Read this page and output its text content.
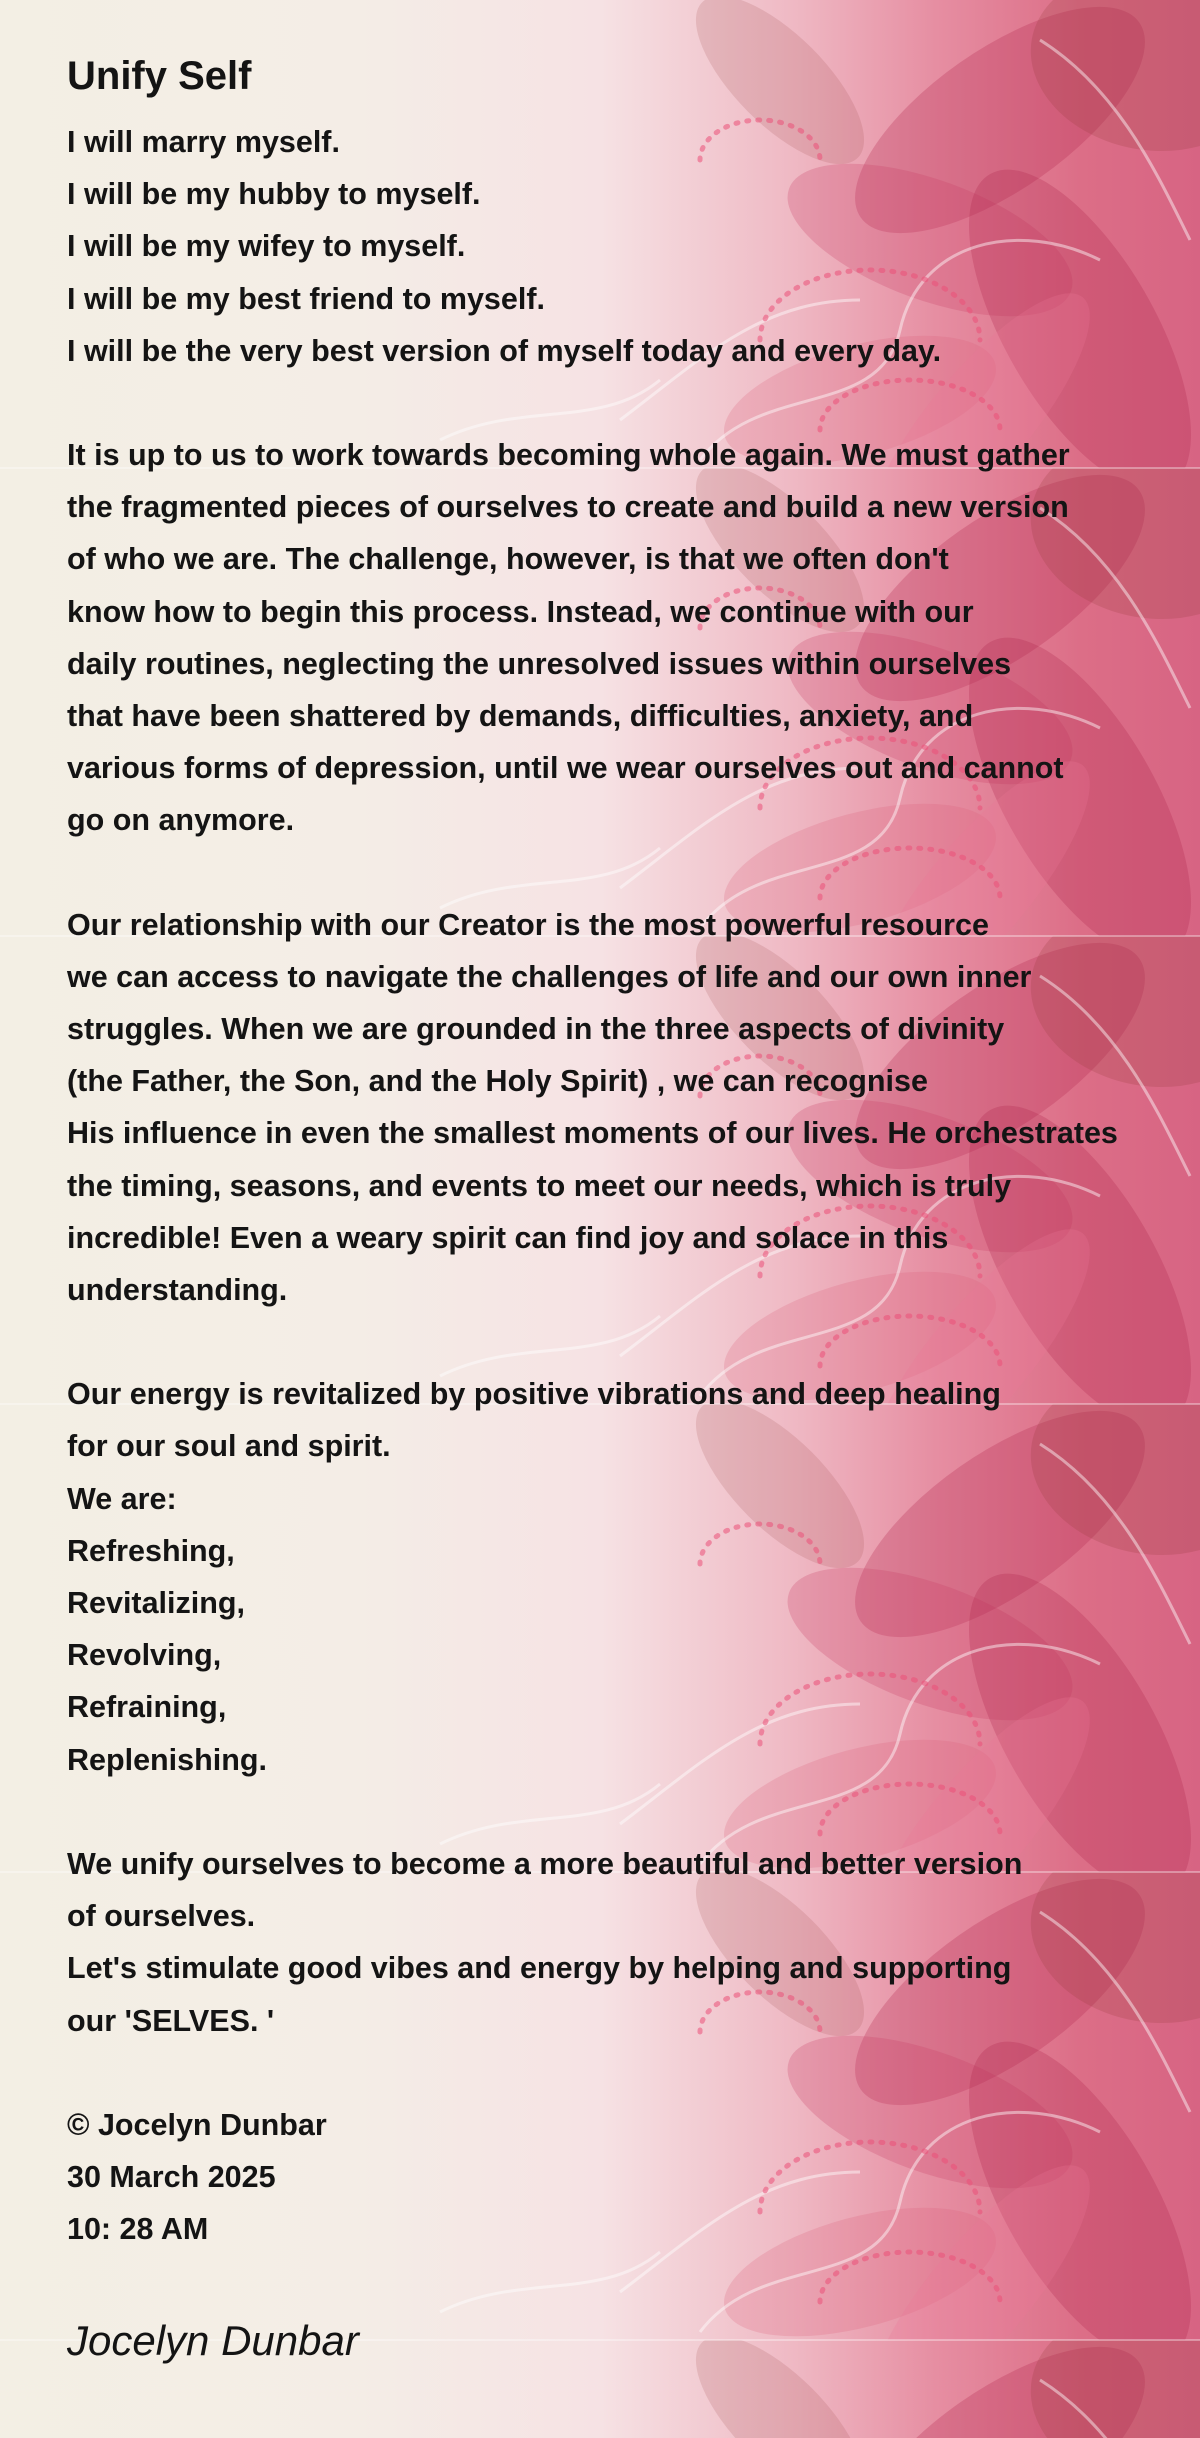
Unify Self
I will marry myself.
I will be my hubby to myself.
I will be my wifey to myself.
I will be my best friend to myself.
I will be the very best version of myself today and every day.
It is up to us to work towards becoming whole again. We must gather
the fragmented pieces of ourselves to create and build a new version
of who we are. The challenge, however, is that we often don't
know how to begin this process. Instead, we continue with our
daily routines, neglecting the unresolved issues within ourselves
that have been shattered by demands, difficulties, anxiety, and
various forms of depression, until we wear ourselves out and cannot
go on anymore.
Our relationship with our Creator is the most powerful resource
we can access to navigate the challenges of life and our own inner
struggles. When we are grounded in the three aspects of divinity
(the Father, the Son, and the Holy Spirit) , we can recognise
His influence in even the smallest moments of our lives. He orchestrates
the timing, seasons, and events to meet our needs, which is truly
incredible! Even a weary spirit can find joy and solace in this
understanding.
Our energy is revitalized by positive vibrations and deep healing
for our soul and spirit.
We are:
Refreshing,
Revitalizing,
Revolving,
Refraining,
Replenishing.
We unify ourselves to become a more beautiful and better version
of ourselves.
Let's stimulate good vibes and energy by helping and supporting
our 'SELVES. '
© Jocelyn Dunbar
30 March 2025
10: 28 AM
Jocelyn Dunbar
